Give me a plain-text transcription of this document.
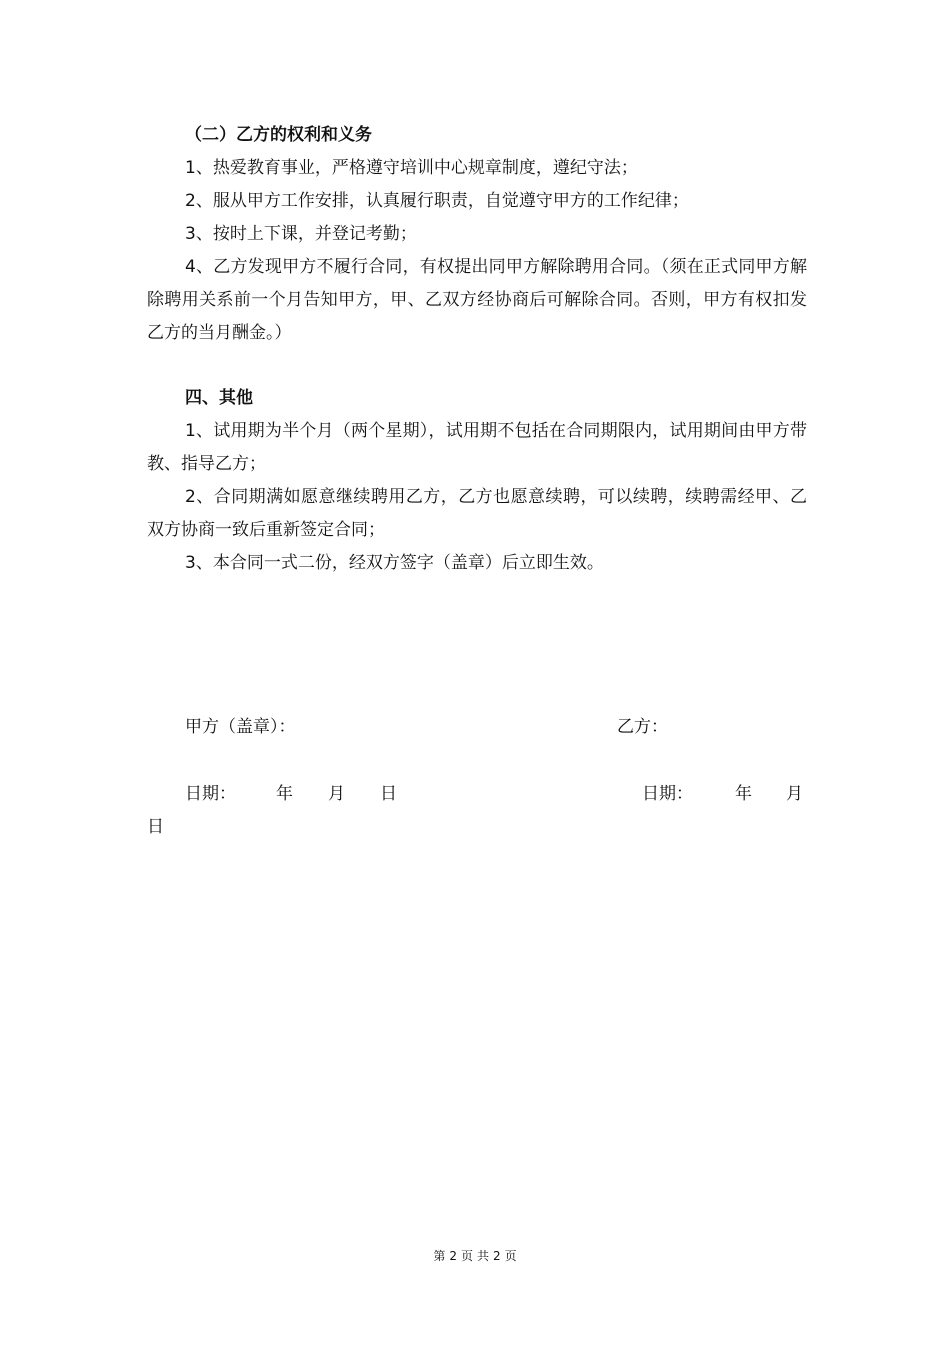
（二）乙方的权利和义务

1、热爱教育事业，严格遵守培训中心规章制度，遵纪守法；

2、服从甲方工作安排，认真履行职责，自觉遵守甲方的工作纪律；

3、按时上下课，并登记考勤；

4、乙方发现甲方不履行合同，有权提出同甲方解除聘用合同。（须在正式同甲方解除聘用关系前一个月告知甲方，甲、乙双方经协商后可解除合同。否则，甲方有权扣发乙方的当月酬金。）

四、其他

1、试用期为半个月（两个星期），试用期不包括在合同期限内，试用期间由甲方带教、指导乙方；

2、合同期满如愿意继续聘用乙方，乙方也愿意续聘，可以续聘，续聘需经甲、乙双方协商一致后重新签定合同；

3、本合同一式二份，经双方签字（盖章）后立即生效。

甲方（盖章）：	乙方：
日期： 年 月 日	日期： 年 月
日
第 2 页 共 2 页
